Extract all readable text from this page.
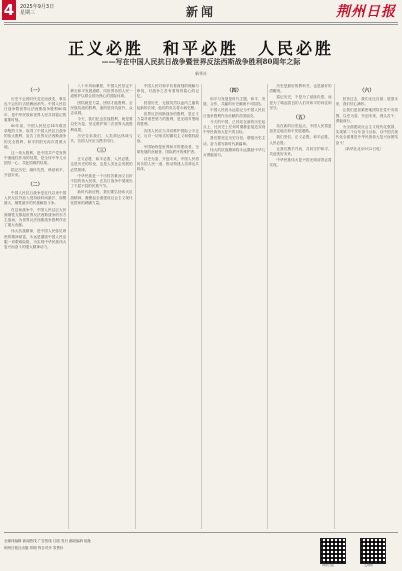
4	2025年9月3日
星期三	新闻	荆州日报
正义必胜　和平必胜　人民必胜
——写在中国人民抗日战争暨世界反法西斯战争胜利80周年之际
新华社
（一）
历史不会因时代变迁而改变，事实也不会因巧舌抵赖而消失。中国人民抗日战争暨世界反法西斯战争胜利80周年，是中华民族和世界人民共同铭记的重要时刻。
80年前，中国人民经过14年艰苦卓绝的斗争，取得了中国人民抗日战争的伟大胜利，宣告了世界反法西斯战争的完全胜利，和平的阳光再次普照大地。
这一伟大胜利，是中国共产党发挥中流砥柱作用的结果，是全体中华儿女团结一心、共赴国难的结果。
铭记历史，缅怀先烈，珍爱和平，开创未来。
（二）
中国人民抗日战争是近代以来中国人民反抗外敌入侵持续时间最长、规模最大、牺牲最多的民族解放斗争。
在这场战争中，中国人民以巨大民族牺牲支撑起世界反法西斯战争的东方主战场，为世界反法西斯战争胜利作出了重大贡献。
伟大抗战精神，是中国人民弥足珍贵的精神财富，永远是激励中国人民克服一切艰难险阻、为实现中华民族伟大复兴而奋斗的强大精神动力。
八十年风雨兼程，中国人民坚定不移走和平发展道路，同世界各国人民一道维护以联合国为核心的国际体系。
团结就是力量，团结才能胜利。全民族抗战的胜利，靠的是同仇敌忾、众志成城。
今天，我们纪念抗战胜利，就是要以史为鉴，坚定维护第二次世界大战胜利成果。
历史告诉我们，人类命运休戚与共，各国人民应当携手同行。
（三）
正义必胜、和平必胜、人民必胜，这是历史的结论，也是人类社会发展的必然规律。
中华民族是一个历经苦难而又百折不挠的伟大民族，在抗日战争中展现出了不屈不挠的民族气节。
新时代新征程，我们要弘扬伟大抗战精神，凝聚起全面建设社会主义现代化国家的磅礴力量。
中国人民对和平有着深刻的理解与珍视，对战争之苦有着刻骨铭心的记忆。
回望历史，无数英烈以血肉之躯筑起新的长城，他们的英名将永载史册。
世界反法西斯战争的胜利，是正义力量对邪恶势力的胜利，是光明对黑暗的胜利。
各国人民应当共同维护国际公平正义，反对一切形式的霸权主义和强权政治。
中国始终是世界和平的建设者、全球发展的贡献者、国际秩序的维护者。
以史为鉴、开创未来，中国人民将同各国人民一道，推动构建人类命运共同体。
（四）
和平与发展是时代主题，和平、发展、合作、共赢的历史潮流不可阻挡。
中国人民将永远铭记为中国人民抗日战争胜利作出贡献的各国朋友。
今天的中国，已经站在新的历史起点上，比历史上任何时期都更接近实现中华民族伟大复兴的目标。
我们要坚定历史自信，增强历史主动，奋力谱写新时代新篇章。
伟大的抗战精神将永远激励中华儿女勇毅前行。
历史是最好的教科书，也是最好的清醒剂。
铭记历史，不是为了延续仇恨，而是为了唤起善良的人们对和平的向往和坚守。
（五）
站在新的历史起点，中国人民将更加坚定地走和平发展道路。
我们坚信，正义必胜，和平必胜，人民必胜。
让我们携手并肩，共同守护和平，共创美好未来。
中华民族伟大复兴的光明前景必将实现。
（六）
回首过去，我们无比自豪；展望未来，我们信心满怀。
让我们更加紧密地团结在党中央周围，以史为鉴、开创未来，埋头苦干、勇毅前行。
为全面建成社会主义现代化强国、实现第二个百年奋斗目标，以中国式现代化全面推进中华民族伟大复兴而团结奋斗！
（新华社北京9月2日电）
全媒体编辑 新闻热线 广告热线 订阅 发行 邮政编码 地址
荆州日报社出版 印刷 每日对开 零售价
荆州日报	云荆州
